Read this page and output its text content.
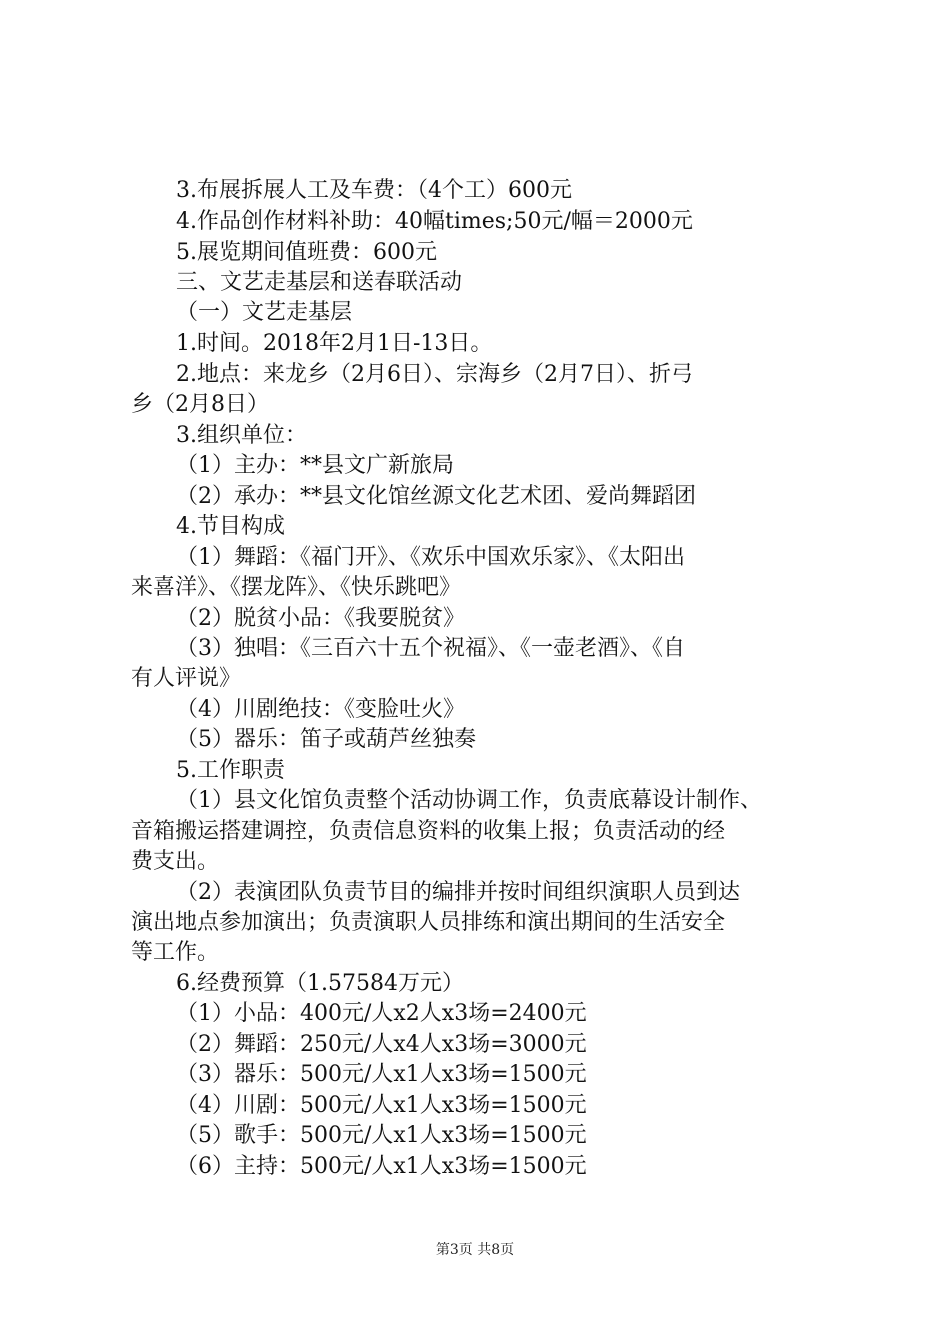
3.布展拆展人工及车费：（4个工）600元
4.作品创作材料补助：40幅times;50元/幅＝2000元
5.展览期间值班费：600元
三、文艺走基层和送春联活动
（一）文艺走基层
1.时间。2018年2月1日-13日。
2.地点：来龙乡（2月6日）、宗海乡（2月7日）、折弓
乡（2月8日）
3.组织单位：
（1）主办：**县文广新旅局
（2）承办：**县文化馆丝源文化艺术团、爱尚舞蹈团
4.节目构成
（1）舞蹈：《福门开》、《欢乐中国欢乐家》、《太阳出
来喜洋》、《摆龙阵》、《快乐跳吧》
（2）脱贫小品：《我要脱贫》
（3）独唱：《三百六十五个祝福》、《一壶老酒》、《自
有人评说》
（4）川剧绝技：《变脸吐火》
（5）器乐：笛子或葫芦丝独奏
5.工作职责
（1）县文化馆负责整个活动协调工作，负责底幕设计制作、
音箱搬运搭建调控，负责信息资料的收集上报；负责活动的经
费支出。
（2）表演团队负责节目的编排并按时间组织演职人员到达
演出地点参加演出；负责演职人员排练和演出期间的生活安全
等工作。
6.经费预算（1.57584万元）
（1）小品：400元/人x2人x3场=2400元
（2）舞蹈：250元/人x4人x3场=3000元
（3）器乐：500元/人x1人x3场=1500元
（4）川剧：500元/人x1人x3场=1500元
（5）歌手：500元/人x1人x3场=1500元
（6）主持：500元/人x1人x3场=1500元
第3页 共8页
